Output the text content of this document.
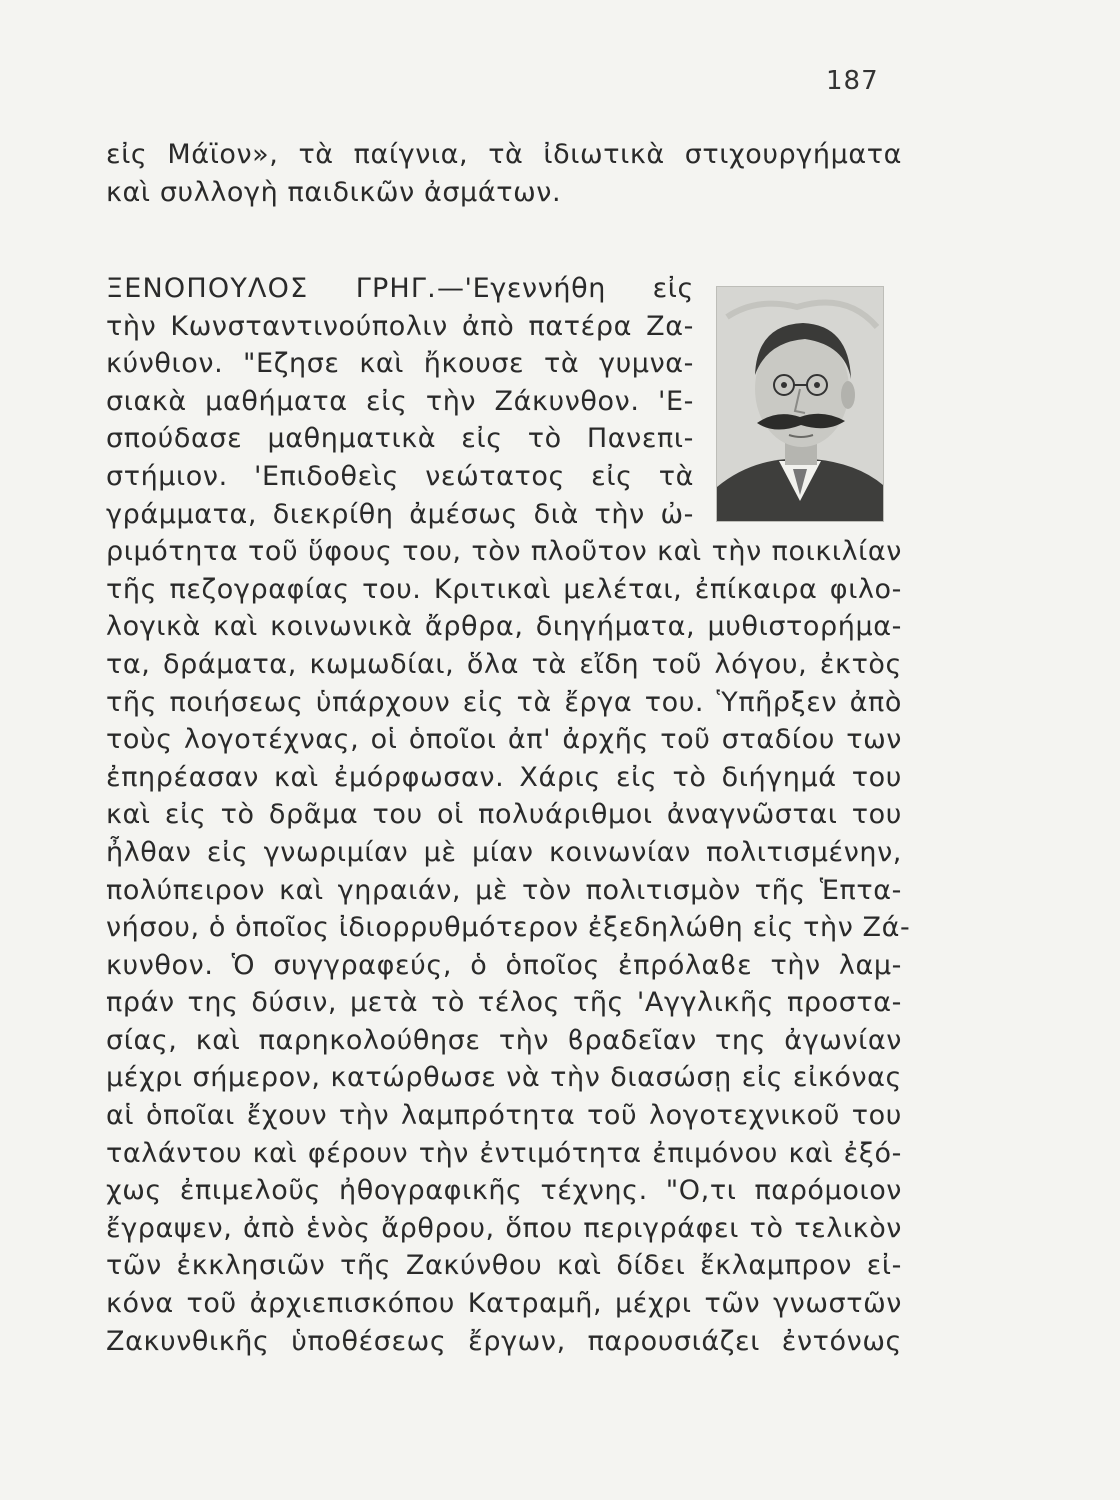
187
εἰς Μάϊον», τὰ παίγνια, τὰ ἰδιωτικὰ στιχουργήματα
καὶ συλλογὴ παιδικῶν ἀσμάτων.
ΞΕΝΟΠΟΥΛΟΣ ΓΡΗΓ.—'Εγεννήθη εἰς
τὴν Κωνσταντινούπολιν ἀπὸ πατέρα Ζα-
κύνθιον. "Εζησε καὶ ἤκουσε τὰ γυμνα-
σιακὰ μαθήματα εἰς τὴν Ζάκυνθον. 'Ε-
σπούδασε μαθηματικὰ εἰς τὸ Πανεπι-
στήμιον. 'Επιδοθεὶς νεώτατος εἰς τὰ
γράμματα, διεκρίθη ἀμέσως διὰ τὴν ὠ-
ριμότητα τοῦ ὕφους του, τὸν πλοῦτον καὶ τὴν ποικιλίαν
τῆς πεζογραφίας του. Κριτικαὶ μελέται, ἐπίκαιρα φιλο-
λογικὰ καὶ κοινωνικὰ ἄρθρα, διηγήματα, μυθιστορήμα-
τα, δράματα, κωμωδίαι, ὅλα τὰ εἴδη τοῦ λόγου, ἐκτὸς
τῆς ποιήσεως ὑπάρχουν εἰς τὰ ἔργα του. Ὑπῆρξεν ἀπὸ
τοὺς λογοτέχνας, οἱ ὁποῖοι ἀπ' ἀρχῆς τοῦ σταδίου των
ἐπηρέασαν καὶ ἐμόρφωσαν. Χάρις εἰς τὸ διήγημά του
καὶ εἰς τὸ δρᾶμα του οἱ πολυάριθμοι ἀναγνῶσται του
ἦλθαν εἰς γνωριμίαν μὲ μίαν κοινωνίαν πολιτισμένην,
πολύπειρον καὶ γηραιάν, μὲ τὸν πολιτισμὸν τῆς Ἑπτα-
νήσου, ὁ ὁποῖος ἰδιορρυθμότερον ἐξεδηλώθη εἰς τὴν Ζά-
κυνθον. Ὁ συγγραφεύς, ὁ ὁποῖος ἐπρόλαϐε τὴν λαμ-
πράν της δύσιν, μετὰ τὸ τέλος τῆς 'Αγγλικῆς προστα-
σίας, καὶ παρηκολούθησε τὴν ϐραδεῖαν της ἀγωνίαν
μέχρι σήμερον, κατώρθωσε νὰ τὴν διασώσῃ εἰς εἰκόνας
αἱ ὁποῖαι ἔχουν τὴν λαμπρότητα τοῦ λογοτεχνικοῦ του
ταλάντου καὶ φέρουν τὴν ἐντιμότητα ἐπιμόνου καὶ ἐξό-
χως ἐπιμελοῦς ἠθογραφικῆς τέχνης. "Ο,τι παρόμοιον
ἔγραψεν, ἀπὸ ἑνὸς ἄρθρου, ὅπου περιγράφει τὸ τελικὸν
τῶν ἐκκλησιῶν τῆς Ζακύνθου καὶ δίδει ἔκλαμπρον εἰ-
κόνα τοῦ ἀρχιεπισκόπου Κατραμῆ, μέχρι τῶν γνωστῶν
Ζακυνθικῆς ὑποθέσεως ἔργων, παρουσιάζει ἐντόνως
